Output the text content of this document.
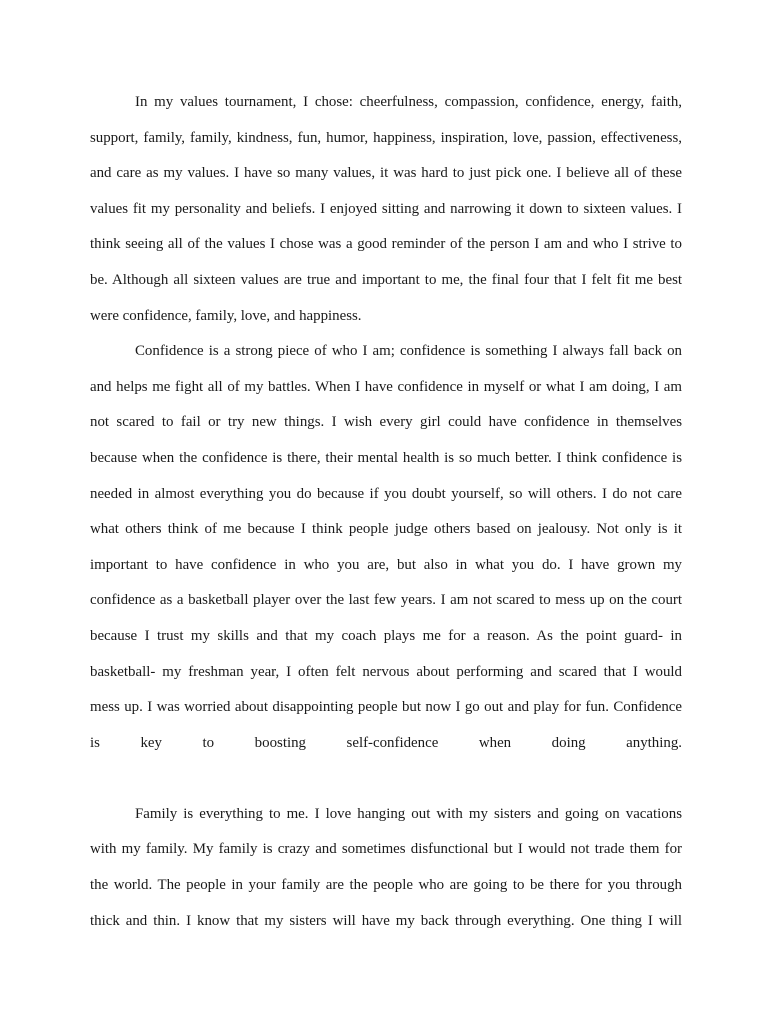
In my values tournament, I chose: cheerfulness, compassion, confidence, energy, faith,
support, family, family, kindness, fun, humor, happiness, inspiration, love, passion, effectiveness,
and care as my values. I have so many values, it was hard to just pick one. I believe all of these
values fit my personality and beliefs. I enjoyed sitting and narrowing it down to sixteen values. I
think seeing all of the values I chose was a good reminder of the person I am and who I strive to
be. Although all sixteen values are true and important to me, the final four that I felt fit me best
were confidence, family, love, and happiness.
Confidence is a strong piece of who I am; confidence is something I always fall back on
and helps me fight all of my battles. When I have confidence in myself or what I am doing, I am
not scared to fail or try new things. I wish every girl could have confidence in themselves
because when the confidence is there, their mental health is so much better. I think confidence is
needed in almost everything you do because if you doubt yourself, so will others. I do not care
what others think of me because I think people judge others based on jealousy. Not only is it
important to have confidence in who you are, but also in what you do. I have grown my
confidence as a basketball player over the last few years. I am not scared to mess up on the court
because I trust my skills and that my coach plays me for a reason. As the point guard- in
basketball- my freshman year, I often felt nervous about performing and scared that I would
mess up. I was worried about disappointing people but now I go out and play for fun. Confidence
is key to boosting self-confidence when doing anything.
Family is everything to me. I love hanging out with my sisters and going on vacations
with my family. My family is crazy and sometimes disfunctional but I would not trade them for
the world. The people in your family are the people who are going to be there for you through
thick and thin. I know that my sisters will have my back through everything. One thing I will
